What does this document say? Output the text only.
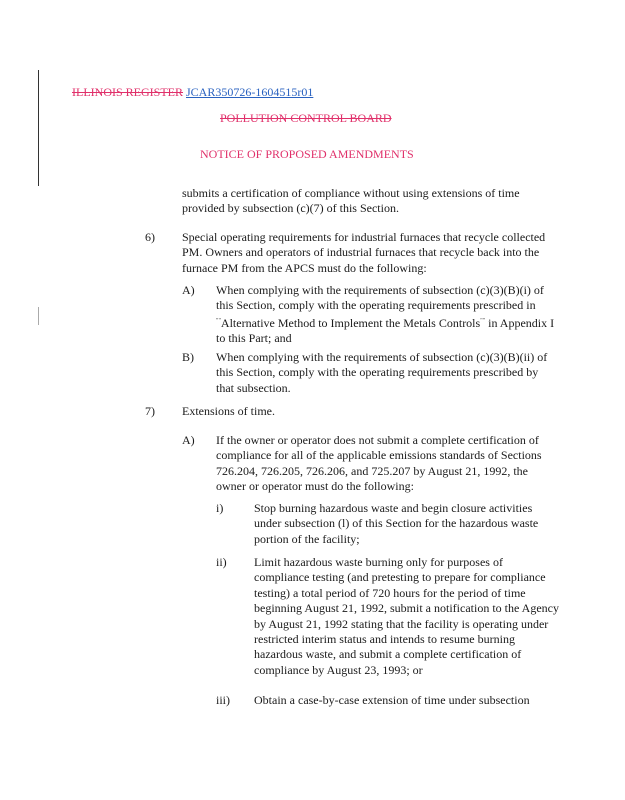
ILLINOIS REGISTER JCAR350726-1604515r01
POLLUTION CONTROL BOARD
NOTICE OF PROPOSED AMENDMENTS
submits a certification of compliance without using extensions of time provided by subsection (c)(7) of this Section.
6) Special operating requirements for industrial furnaces that recycle collected PM. Owners and operators of industrial furnaces that recycle back into the furnace PM from the APCS must do the following:
A) When complying with the requirements of subsection (c)(3)(B)(i) of this Section, comply with the operating requirements prescribed in ""Alternative Method to Implement the Metals Controls"" in Appendix I to this Part; and
B) When complying with the requirements of subsection (c)(3)(B)(ii) of this Section, comply with the operating requirements prescribed by that subsection.
7) Extensions of time.
A) If the owner or operator does not submit a complete certification of compliance for all of the applicable emissions standards of Sections 726.204, 726.205, 726.206, and 725.207 by August 21, 1992, the owner or operator must do the following:
i)	Stop burning hazardous waste and begin closure activities under subsection (l) of this Section for the hazardous waste portion of the facility;
ii) Limit hazardous waste burning only for purposes of compliance testing (and pretesting to prepare for compliance testing) a total period of 720 hours for the period of time beginning August 21, 1992, submit a notification to the Agency by August 21, 1992 stating that the facility is operating under restricted interim status and intends to resume burning hazardous waste, and submit a complete certification of compliance by August 23, 1993; or
iii) Obtain a case-by-case extension of time under subsection
